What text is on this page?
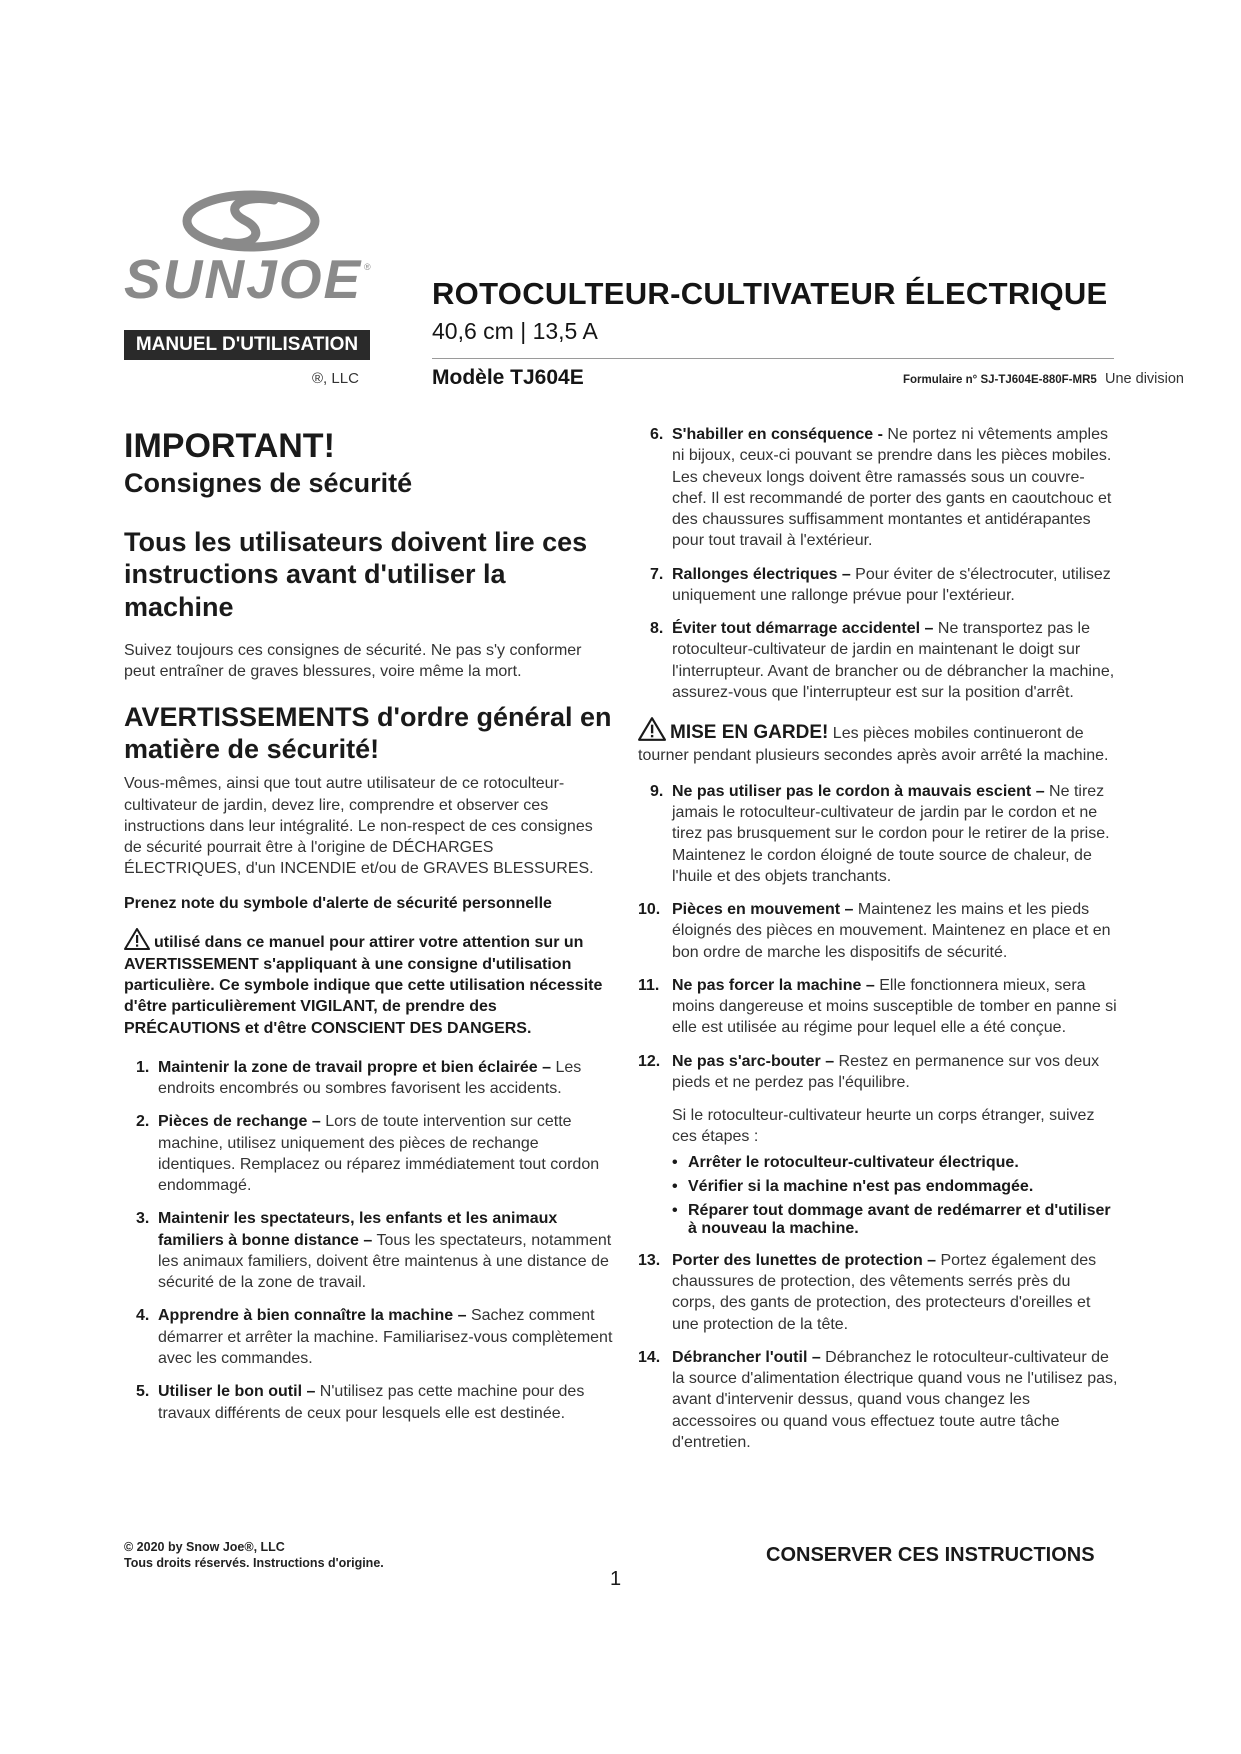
SUNJOE ®
MANUEL D'UTILISATION
ROTOCULTEUR-CULTIVATEUR ÉLECTRIQUE
40,6 cm | 13,5 A
®, LLC	Modèle TJ604E	Formulaire n° SJ-TJ604E-880F-MR5 Une division
IMPORTANT!
Consignes de sécurité
Tous les utilisateurs doivent lire ces instructions avant d'utiliser la machine

Suivez toujours ces consignes de sécurité. Ne pas s'y conformer peut entraîner de graves blessures, voire même la mort.

AVERTISSEMENTS d'ordre général en matière de sécurité!

Vous-mêmes, ainsi que tout autre utilisateur de ce rotoculteur-cultivateur de jardin, devez lire, comprendre et observer ces instructions dans leur intégralité. Le non-respect de ces consignes de sécurité pourrait être à l'origine de DÉCHARGES ÉLECTRIQUES, d'un INCENDIE et/ou de GRAVES BLESSURES.

Prenez note du symbole d'alerte de sécurité personnelle

utilisé dans ce manuel pour attirer votre attention sur un AVERTISSEMENT s'appliquant à une consigne d'utilisation particulière. Ce symbole indique que cette utilisation nécessite d'être particulièrement VIGILANT, de prendre des PRÉCAUTIONS et d'être CONSCIENT DES DANGERS.

1. Maintenir la zone de travail propre et bien éclairée – Les endroits encombrés ou sombres favorisent les accidents.
2. Pièces de rechange – Lors de toute intervention sur cette machine, utilisez uniquement des pièces de rechange identiques. Remplacez ou réparez immédiatement tout cordon endommagé.
3. Maintenir les spectateurs, les enfants et les animaux familiers à bonne distance – Tous les spectateurs, notamment les animaux familiers, doivent être maintenus à une distance de sécurité de la zone de travail.
4. Apprendre à bien connaître la machine – Sachez comment démarrer et arrêter la machine. Familiarisez-vous complètement avec les commandes.
5. Utiliser le bon outil – N'utilisez pas cette machine pour des travaux différents de ceux pour lesquels elle est destinée.
6. S'habiller en conséquence - Ne portez ni vêtements amples ni bijoux, ceux-ci pouvant se prendre dans les pièces mobiles. Les cheveux longs doivent être ramassés sous un couvre-chef. Il est recommandé de porter des gants en caoutchouc et des chaussures suffisamment montantes et antidérapantes pour tout travail à l'extérieur.
7. Rallonges électriques – Pour éviter de s'électrocuter, utilisez uniquement une rallonge prévue pour l'extérieur.
8. Éviter tout démarrage accidentel – Ne transportez pas le rotoculteur-cultivateur de jardin en maintenant le doigt sur l'interrupteur. Avant de brancher ou de débrancher la machine, assurez-vous que l'interrupteur est sur la position d'arrêt.

MISE EN GARDE! Les pièces mobiles continueront de tourner pendant plusieurs secondes après avoir arrêté la machine.

9. Ne pas utiliser pas le cordon à mauvais escient – Ne tirez jamais le rotoculteur-cultivateur de jardin par le cordon et ne tirez pas brusquement sur le cordon pour le retirer de la prise. Maintenez le cordon éloigné de toute source de chaleur, de l'huile et des objets tranchants.
10. Pièces en mouvement – Maintenez les mains et les pieds éloignés des pièces en mouvement. Maintenez en place et en bon ordre de marche les dispositifs de sécurité.
11. Ne pas forcer la machine – Elle fonctionnera mieux, sera moins dangereuse et moins susceptible de tomber en panne si elle est utilisée au régime pour lequel elle a été conçue.
12. Ne pas s'arc-bouter – Restez en permanence sur vos deux pieds et ne perdez pas l'équilibre.

Si le rotoculteur-cultivateur heurte un corps étranger, suivez ces étapes :

• Arrêter le rotoculteur-cultivateur électrique.
• Vérifier si la machine n'est pas endommagée.
• Réparer tout dommage avant de redémarrer et d'utiliser à nouveau la machine.
13. Porter des lunettes de protection – Portez également des chaussures de protection, des vêtements serrés près du corps, des gants de protection, des protecteurs d'oreilles et une protection de la tête.
14. Débrancher l'outil – Débranchez le rotoculteur-cultivateur de la source d'alimentation électrique quand vous ne l'utilisez pas, avant d'intervenir dessus, quand vous changez les accessoires ou quand vous effectuez toute autre tâche d'entretien.
© 2020 by Snow Joe®, LLC
Tous droits réservés. Instructions d'origine.	CONSERVER CES INSTRUCTIONS
1
